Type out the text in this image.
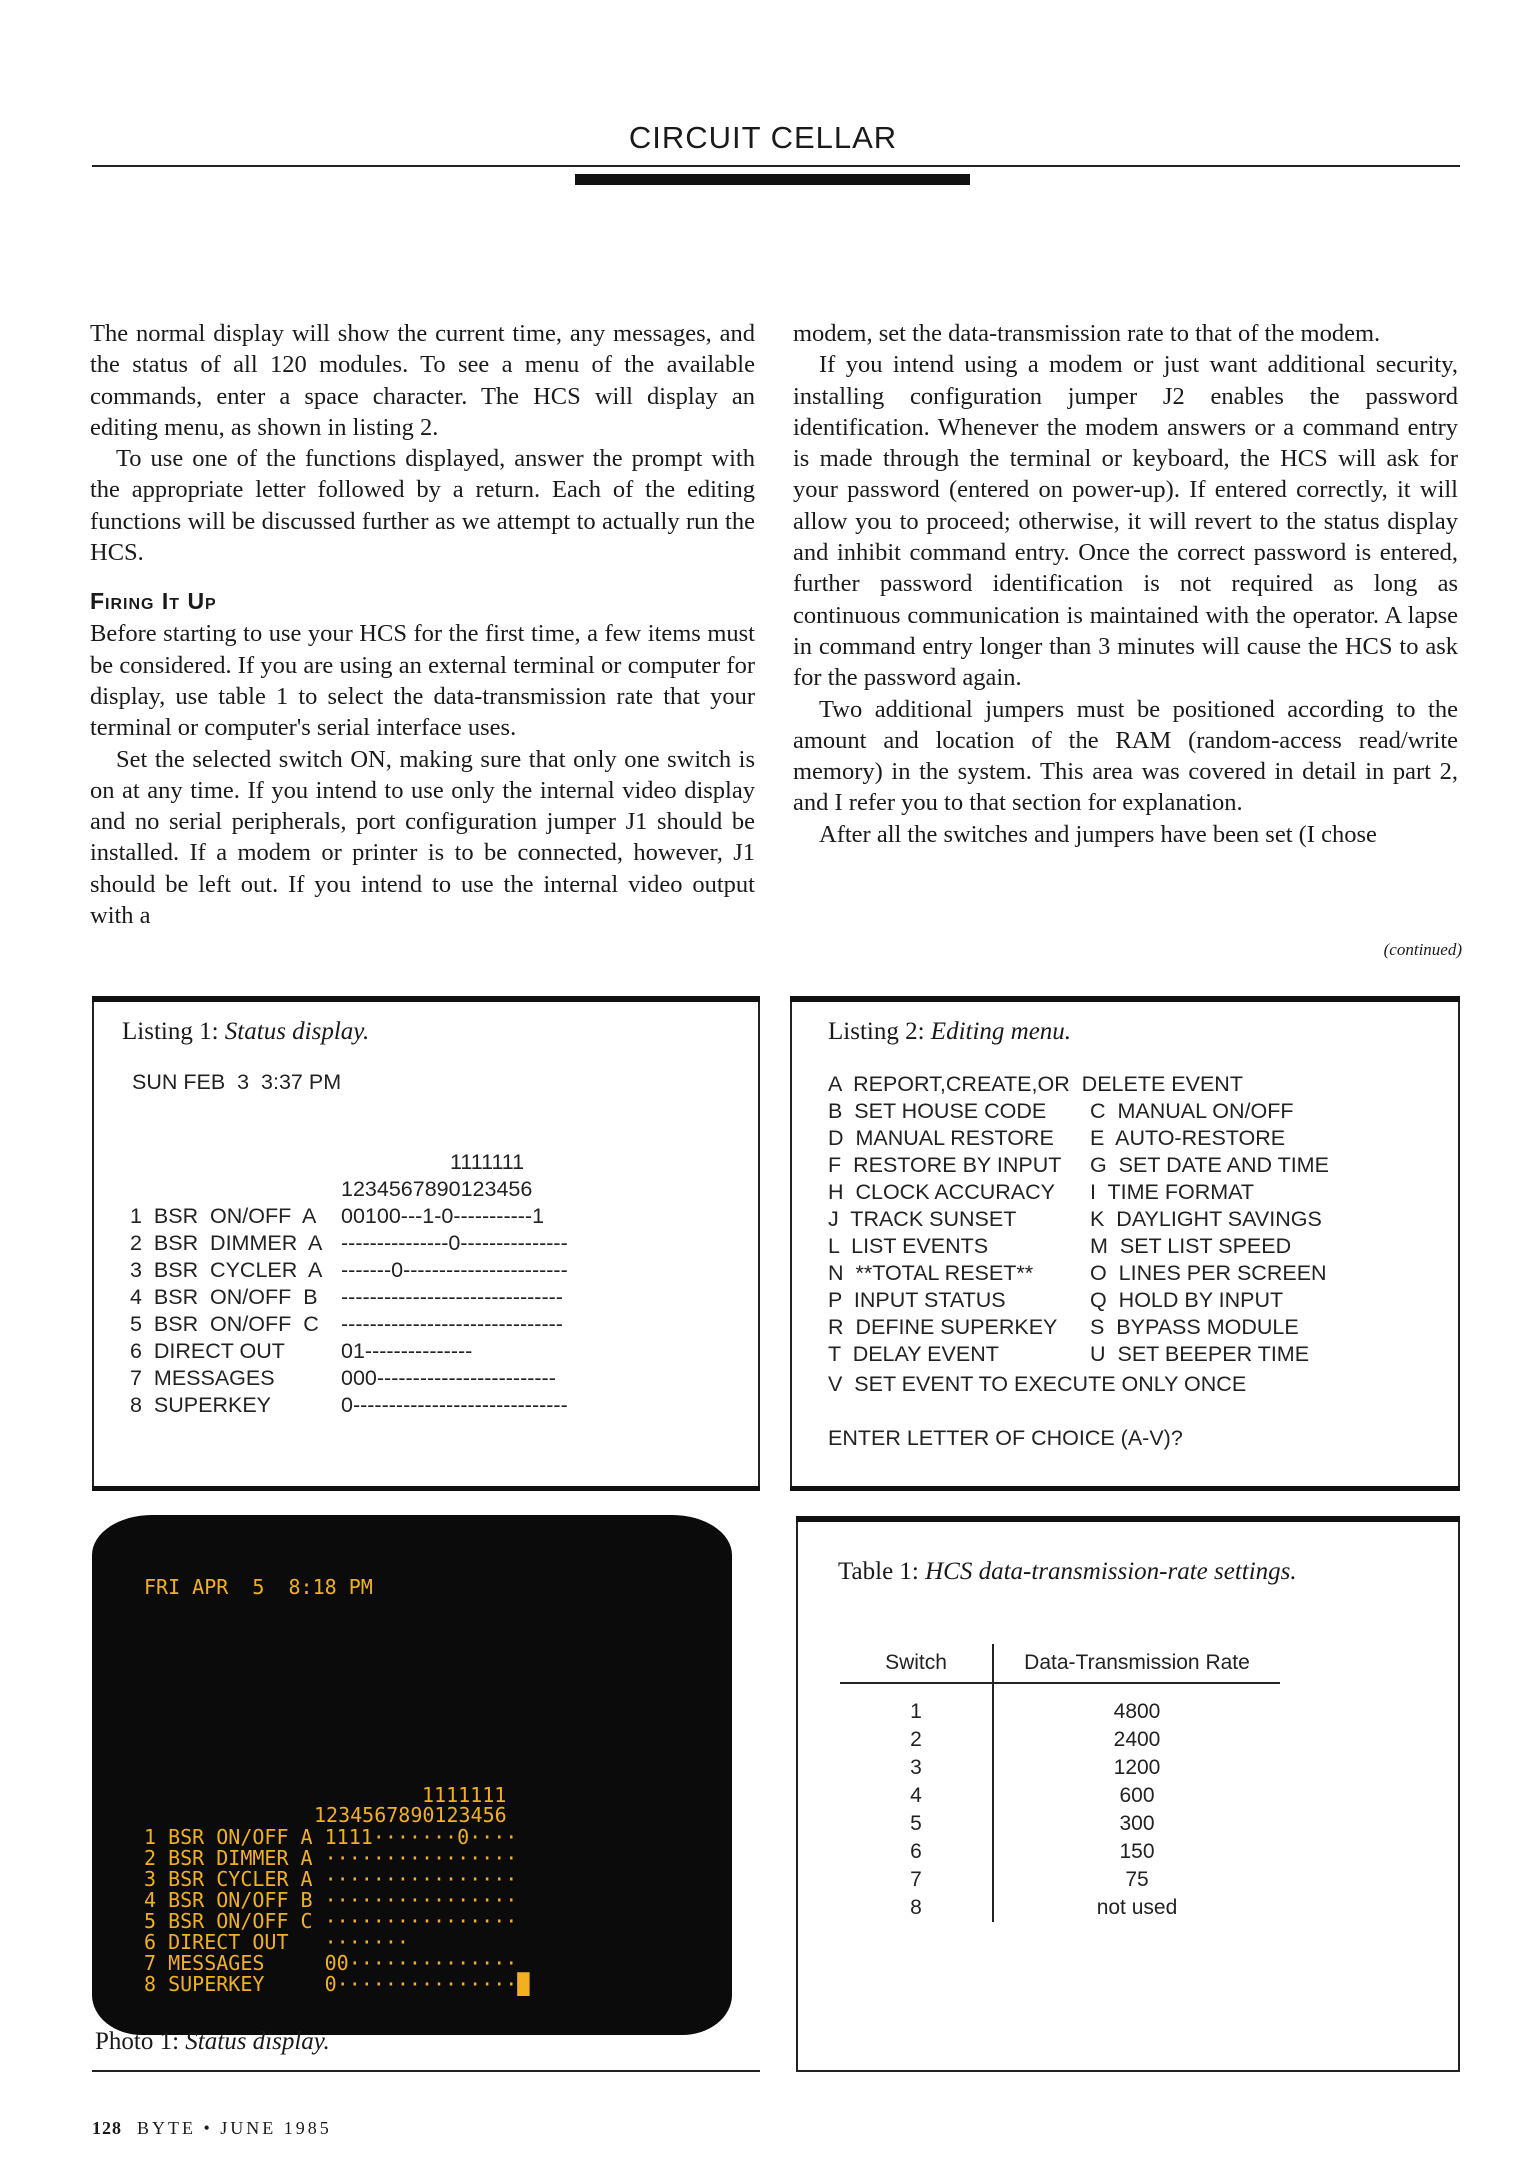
CIRCUIT CELLAR

The normal display will show the current time, any messages, and the status of all 120 modules. To see a menu of the available commands, enter a space character. The HCS will display an editing menu, as shown in listing 2.

To use one of the functions displayed, answer the prompt with the appropriate letter followed by a return. Each of the editing functions will be discussed further as we attempt to actually run the HCS.

Firing It Up

Before starting to use your HCS for the first time, a few items must be considered. If you are using an external terminal or computer for display, use table 1 to select the data-transmission rate that your terminal or computer's serial interface uses.

Set the selected switch ON, making sure that only one switch is on at any time. If you intend to use only the internal video display and no serial peripherals, port configuration jumper J1 should be installed. If a modem or printer is to be connected, however, J1 should be left out. If you intend to use the internal video output with a

modem, set the data-transmission rate to that of the modem.

If you intend using a modem or just want additional security, installing configuration jumper J2 enables the password identification. Whenever the modem answers or a command entry is made through the terminal or keyboard, the HCS will ask for your password (entered on power-up). If entered correctly, it will allow you to proceed; otherwise, it will revert to the status display and inhibit command entry. Once the correct password is entered, further password identification is not required as long as continuous communication is maintained with the operator. A lapse in command entry longer than 3 minutes will cause the HCS to ask for the password again.

Two additional jumpers must be positioned according to the amount and location of the RAM (random-access read/write memory) in the system. This area was covered in detail in part 2, and I refer you to that section for explanation.

After all the switches and jumpers have been set (I chose

(continued)
Listing 1: Status display.
SUN FEB  3  3:37 PM
1111111
1234567890123456
1  BSR  ON/OFF  A 00100---1-0-----------1
2  BSR  DIMMER  A ---------------0---------------
3  BSR  CYCLER  A -------0-----------------------
4  BSR  ON/OFF  B -------------------------------
5  BSR  ON/OFF  C -------------------------------
6  DIRECT OUT	01---------------
7  MESSAGES	000-------------------------
8  SUPERKEY	0------------------------------
Listing 2: Editing menu.
A  REPORT,CREATE,OR  DELETE EVENT
B  SET HOUSE CODE C  MANUAL ON/OFF
D  MANUAL RESTORE E  AUTO-RESTORE
F  RESTORE BY INPUT G  SET DATE AND TIME
H  CLOCK ACCURACY I  TIME FORMAT
J  TRACK SUNSET	K  DAYLIGHT SAVINGS
L  LIST EVENTS	M  SET LIST SPEED
N  **TOTAL RESET**	O  LINES PER SCREEN
P  INPUT STATUS	Q  HOLD BY INPUT
R  DEFINE SUPERKEY S  BYPASS MODULE
T  DELAY EVENT	U  SET BEEPER TIME
V  SET EVENT TO EXECUTE ONLY ONCE
ENTER LETTER OF CHOICE (A-V)?
FRI APR  5  8:18 PM
1111111
1234567890123456
1 BSR ON/OFF A 1111·······0····
2 BSR DIMMER A ················
3 BSR CYCLER A ················
4 BSR ON/OFF B ················
5 BSR ON/OFF C ················
6 DIRECT OUT   ·······
7 MESSAGES     00··············
8 SUPERKEY     0···············█
Photo 1: Status display.
Table 1: HCS data-transmission-rate settings.
Switch	Data-Transmission Rate
1	4800
2	2400
3	1200
4	600
5	300
6	150
7	75
8	not used
128 BYTE • JUNE 1985
